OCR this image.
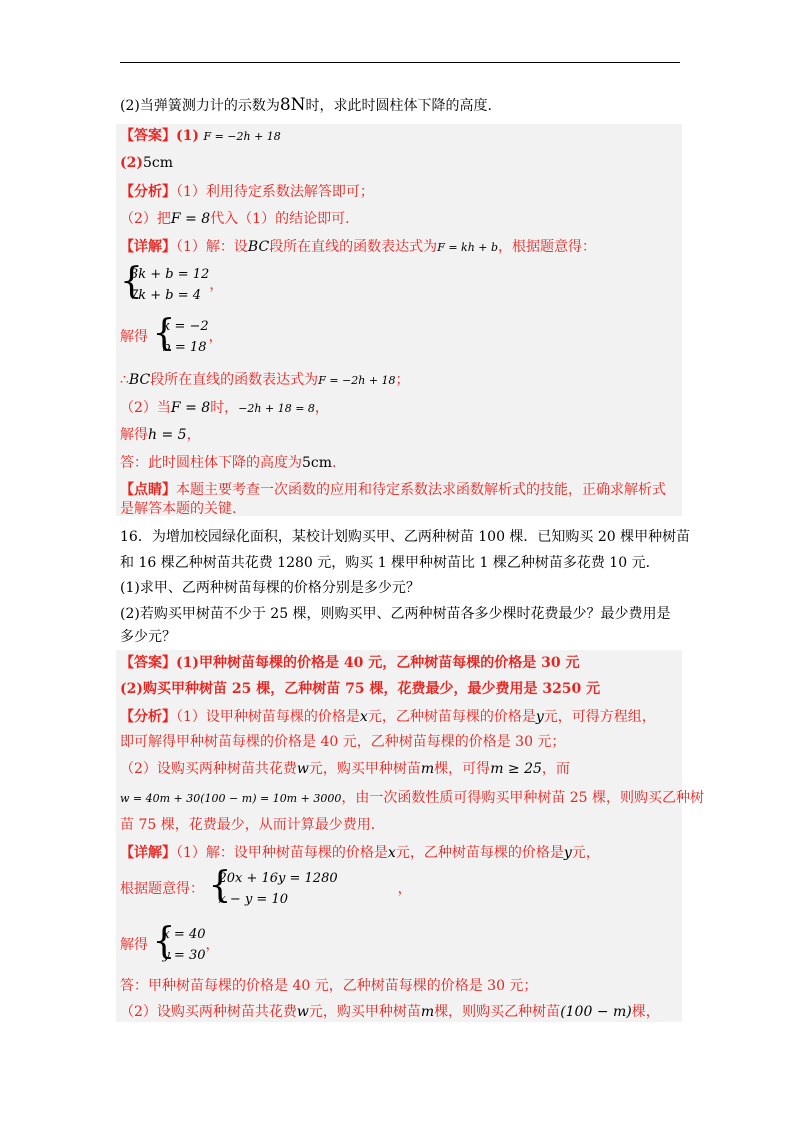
(2)当弹簧测力计的示数为8N时，求此时圆柱体下降的高度.
【答案】(1) F = −2h + 18
(2)5cm
【分析】（1）利用待定系数法解答即可；
（2）把F = 8代入（1）的结论即可.
【详解】（1）解：设BC段所在直线的函数表达式为F = kh + b，根据题意得：
{
3k + b = 12
7k + b = 4
，
解得 {
k = −2
b = 18
，
∴BC段所在直线的函数表达式为F = −2h + 18；
（2）当F = 8时，−2h + 18 = 8，
解得h = 5，
答：此时圆柱体下降的高度为5cm.
【点睛】本题主要考查一次函数的应用和待定系数法求函数解析式的技能，正确求解析式
是解答本题的关键.
16．为增加校园绿化面积，某校计划购买甲、乙两种树苗 100 棵．已知购买 20 棵甲种树苗
和 16 棵乙种树苗共花费 1280 元，购买 1 棵甲种树苗比 1 棵乙种树苗多花费 10 元．
(1)求甲、乙两种树苗每棵的价格分别是多少元？
(2)若购买甲树苗不少于 25 棵，则购买甲、乙两种树苗各多少棵时花费最少？最少费用是
多少元？
【答案】(1)甲种树苗每棵的价格是 40 元，乙种树苗每棵的价格是 30 元
(2)购买甲种树苗 25 棵，乙种树苗 75 棵，花费最少，最少费用是 3250 元
【分析】（1）设甲种树苗每棵的价格是x元，乙种树苗每棵的价格是y元，可得方程组，
即可解得甲种树苗每棵的价格是 40 元，乙种树苗每棵的价格是 30 元；
（2）设购买两种树苗共花费w元，购买甲种树苗m棵，可得m ≥ 25，而
w = 40m + 30(100 − m) = 10m + 3000，由一次函数性质可得购买甲种树苗 25 棵，则购买乙种树
苗 75 棵，花费最少，从而计算最少费用．
【详解】（1）解：设甲种树苗每棵的价格是x元，乙种树苗每棵的价格是y元，
根据题意得： {
20x + 16y = 1280
x − y = 10
，
解得 {
x = 40
y = 30
，
答：甲种树苗每棵的价格是 40 元，乙种树苗每棵的价格是 30 元；
（2）设购买两种树苗共花费w元，购买甲种树苗m棵，则购买乙种树苗(100 − m)棵，
